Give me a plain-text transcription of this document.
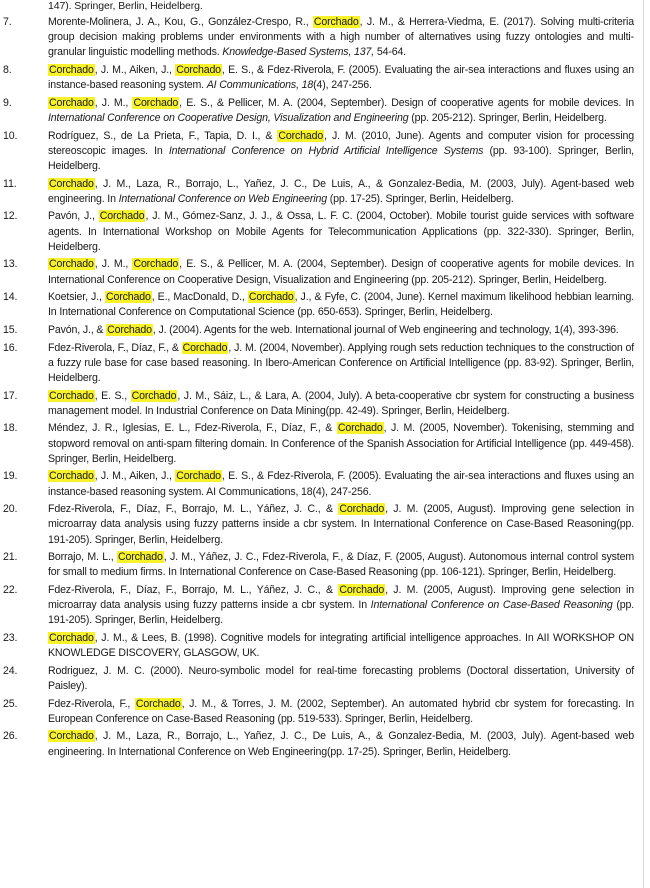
147). Springer, Berlin, Heidelberg.
7.	Morente-Molinera, J. A., Kou, G., González-Crespo, R., Corchado, J. M., & Herrera-Viedma, E. (2017). Solving multi-criteria group decision making problems under environments with a high number of alternatives using fuzzy ontologies and multi-granular linguistic modelling methods. Knowledge-Based Systems, 137, 54-64.
8.	Corchado, J. M., Aiken, J., Corchado, E. S., & Fdez-Riverola, F. (2005). Evaluating the air-sea interactions and fluxes using an instance-based reasoning system. AI Communications, 18(4), 247-256.
9.	Corchado, J. M., Corchado, E. S., & Pellicer, M. A. (2004, September). Design of cooperative agents for mobile devices. In International Conference on Cooperative Design, Visualization and Engineering (pp. 205-212). Springer, Berlin, Heidelberg.
10.	Rodríguez, S., de La Prieta, F., Tapia, D. I., & Corchado, J. M. (2010, June). Agents and computer vision for processing stereoscopic images. In International Conference on Hybrid Artificial Intelligence Systems (pp. 93-100). Springer, Berlin, Heidelberg.
11.	Corchado, J. M., Laza, R., Borrajo, L., Yañez, J. C., De Luis, A., & Gonzalez-Bedia, M. (2003, July). Agent-based web engineering. In International Conference on Web Engineering (pp. 17-25). Springer, Berlin, Heidelberg.
12.	Pavón, J., Corchado, J. M., Gómez-Sanz, J. J., & Ossa, L. F. C. (2004, October). Mobile tourist guide services with software agents. In International Workshop on Mobile Agents for Telecommunication Applications (pp. 322-330). Springer, Berlin, Heidelberg.
13.	Corchado, J. M., Corchado, E. S., & Pellicer, M. A. (2004, September). Design of cooperative agents for mobile devices. In International Conference on Cooperative Design, Visualization and Engineering (pp. 205-212). Springer, Berlin, Heidelberg.
14.	Koetsier, J., Corchado, E., MacDonald, D., Corchado, J., & Fyfe, C. (2004, June). Kernel maximum likelihood hebbian learning. In International Conference on Computational Science (pp. 650-653). Springer, Berlin, Heidelberg.
15.	Pavón, J., & Corchado, J. (2004). Agents for the web. International journal of Web engineering and technology, 1(4), 393-396.
16.	Fdez-Riverola, F., Díaz, F., & Corchado, J. M. (2004, November). Applying rough sets reduction techniques to the construction of a fuzzy rule base for case based reasoning. In Ibero-American Conference on Artificial Intelligence (pp. 83-92). Springer, Berlin, Heidelberg.
17.	Corchado, E. S., Corchado, J. M., Sáiz, L., & Lara, A. (2004, July). A beta-cooperative cbr system for constructing a business management model. In Industrial Conference on Data Mining(pp. 42-49). Springer, Berlin, Heidelberg.
18.	Méndez, J. R., Iglesias, E. L., Fdez-Riverola, F., Díaz, F., & Corchado, J. M. (2005, November). Tokenising, stemming and stopword removal on anti-spam filtering domain. In Conference of the Spanish Association for Artificial Intelligence (pp. 449-458). Springer, Berlin, Heidelberg.
19.	Corchado, J. M., Aiken, J., Corchado, E. S., & Fdez-Riverola, F. (2005). Evaluating the air-sea interactions and fluxes using an instance-based reasoning system. AI Communications, 18(4), 247-256.
20.	Fdez-Riverola, F., Díaz, F., Borrajo, M. L., Yáñez, J. C., & Corchado, J. M. (2005, August). Improving gene selection in microarray data analysis using fuzzy patterns inside a cbr system. In International Conference on Case-Based Reasoning(pp. 191-205). Springer, Berlin, Heidelberg.
21.	Borrajo, M. L., Corchado, J. M., Yáñez, J. C., Fdez-Riverola, F., & Díaz, F. (2005, August). Autonomous internal control system for small to medium firms. In International Conference on Case-Based Reasoning (pp. 106-121). Springer, Berlin, Heidelberg.
22.	Fdez-Riverola, F., Díaz, F., Borrajo, M. L., Yáñez, J. C., & Corchado, J. M. (2005, August). Improving gene selection in microarray data analysis using fuzzy patterns inside a cbr system. In International Conference on Case-Based Reasoning (pp. 191-205). Springer, Berlin, Heidelberg.
23.	Corchado, J. M., & Lees, B. (1998). Cognitive models for integrating artificial intelligence approaches. In AII WORKSHOP ON KNOWLEDGE DISCOVERY, GLASGOW, UK.
24.	Rodriguez, J. M. C. (2000). Neuro-symbolic model for real-time forecasting problems (Doctoral dissertation, University of Paisley).
25.	Fdez-Riverola, F., Corchado, J. M., & Torres, J. M. (2002, September). An automated hybrid cbr system for forecasting. In European Conference on Case-Based Reasoning (pp. 519-533). Springer, Berlin, Heidelberg.
26.	Corchado, J. M., Laza, R., Borrajo, L., Yañez, J. C., De Luis, A., & Gonzalez-Bedia, M. (2003, July). Agent-based web engineering. In International Conference on Web Engineering(pp. 17-25). Springer, Berlin, Heidelberg.
